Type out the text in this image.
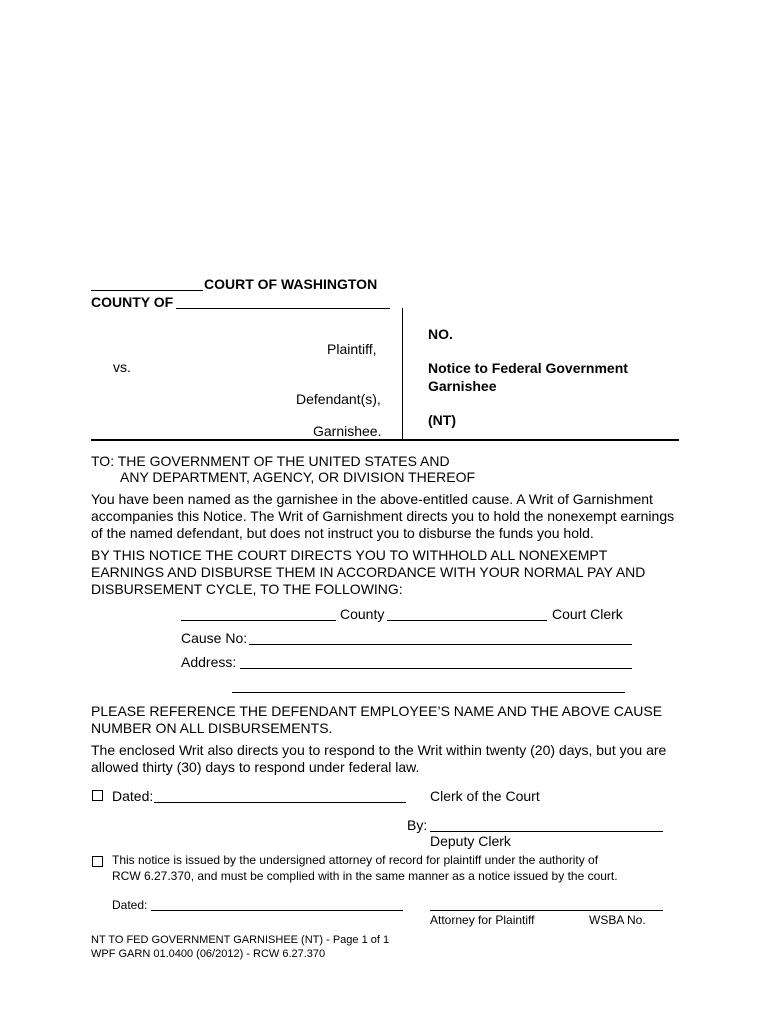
COURT OF WASHINGTON
COUNTY OF
Plaintiff,
vs.
Defendant(s),
Garnishee.
NO.
Notice to Federal Government
Garnishee
(NT)
TO: THE GOVERNMENT OF THE UNITED STATES AND
ANY DEPARTMENT, AGENCY, OR DIVISION THEREOF
You have been named as the garnishee in the above-entitled cause. A Writ of Garnishment
accompanies this Notice. The Writ of Garnishment directs you to hold the nonexempt earnings
of the named defendant, but does not instruct you to disburse the funds you hold.
BY THIS NOTICE THE COURT DIRECTS YOU TO WITHHOLD ALL NONEXEMPT
EARNINGS AND DISBURSE THEM IN ACCORDANCE WITH YOUR NORMAL PAY AND
DISBURSEMENT CYCLE, TO THE FOLLOWING:
County	Court Clerk
Cause No:
Address:
PLEASE REFERENCE THE DEFENDANT EMPLOYEE’S NAME AND THE ABOVE CAUSE
NUMBER ON ALL DISBURSEMENTS.
The enclosed Writ also directs you to respond to the Writ within twenty (20) days, but you are
allowed thirty (30) days to respond under federal law.
Dated:	Clerk of the Court
By:
Deputy Clerk
This notice is issued by the undersigned attorney of record for plaintiff under the authority of
RCW 6.27.370, and must be complied with in the same manner as a notice issued by the court.
Dated:
Attorney for Plaintiff	WSBA No.
NT TO FED GOVERNMENT GARNISHEE (NT) - Page 1 of 1
WPF GARN 01.0400 (06/2012) - RCW 6.27.370
